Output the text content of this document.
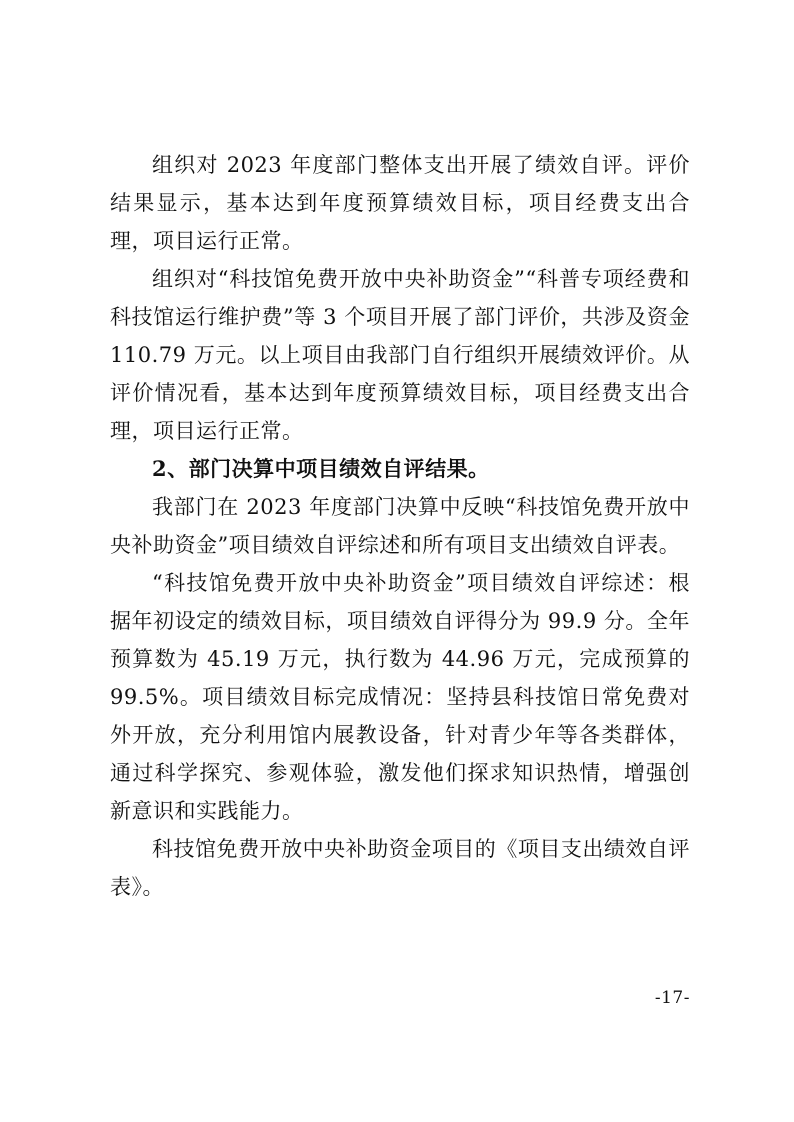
组织对 2023 年度部门整体支出开展了绩效自评。评价结果显示，基本达到年度预算绩效目标，项目经费支出合理，项目运行正常。

组织对“科技馆免费开放中央补助资金”“科普专项经费和科技馆运行维护费”等 3 个项目开展了部门评价，共涉及资金 110.79 万元。以上项目由我部门自行组织开展绩效评价。从评价情况看，基本达到年度预算绩效目标，项目经费支出合理，项目运行正常。

2、部门决算中项目绩效自评结果。

我部门在 2023 年度部门决算中反映“科技馆免费开放中央补助资金”项目绩效自评综述和所有项目支出绩效自评表。

“科技馆免费开放中央补助资金”项目绩效自评综述：根据年初设定的绩效目标，项目绩效自评得分为 99.9 分。全年预算数为 45.19 万元，执行数为 44.96 万元，完成预算的 99.5%。项目绩效目标完成情况：坚持县科技馆日常免费对外开放，充分利用馆内展教设备，针对青少年等各类群体，通过科学探究、参观体验，激发他们探求知识热情，增强创新意识和实践能力。

科技馆免费开放中央补助资金项目的《项目支出绩效自评表》。

-17-
